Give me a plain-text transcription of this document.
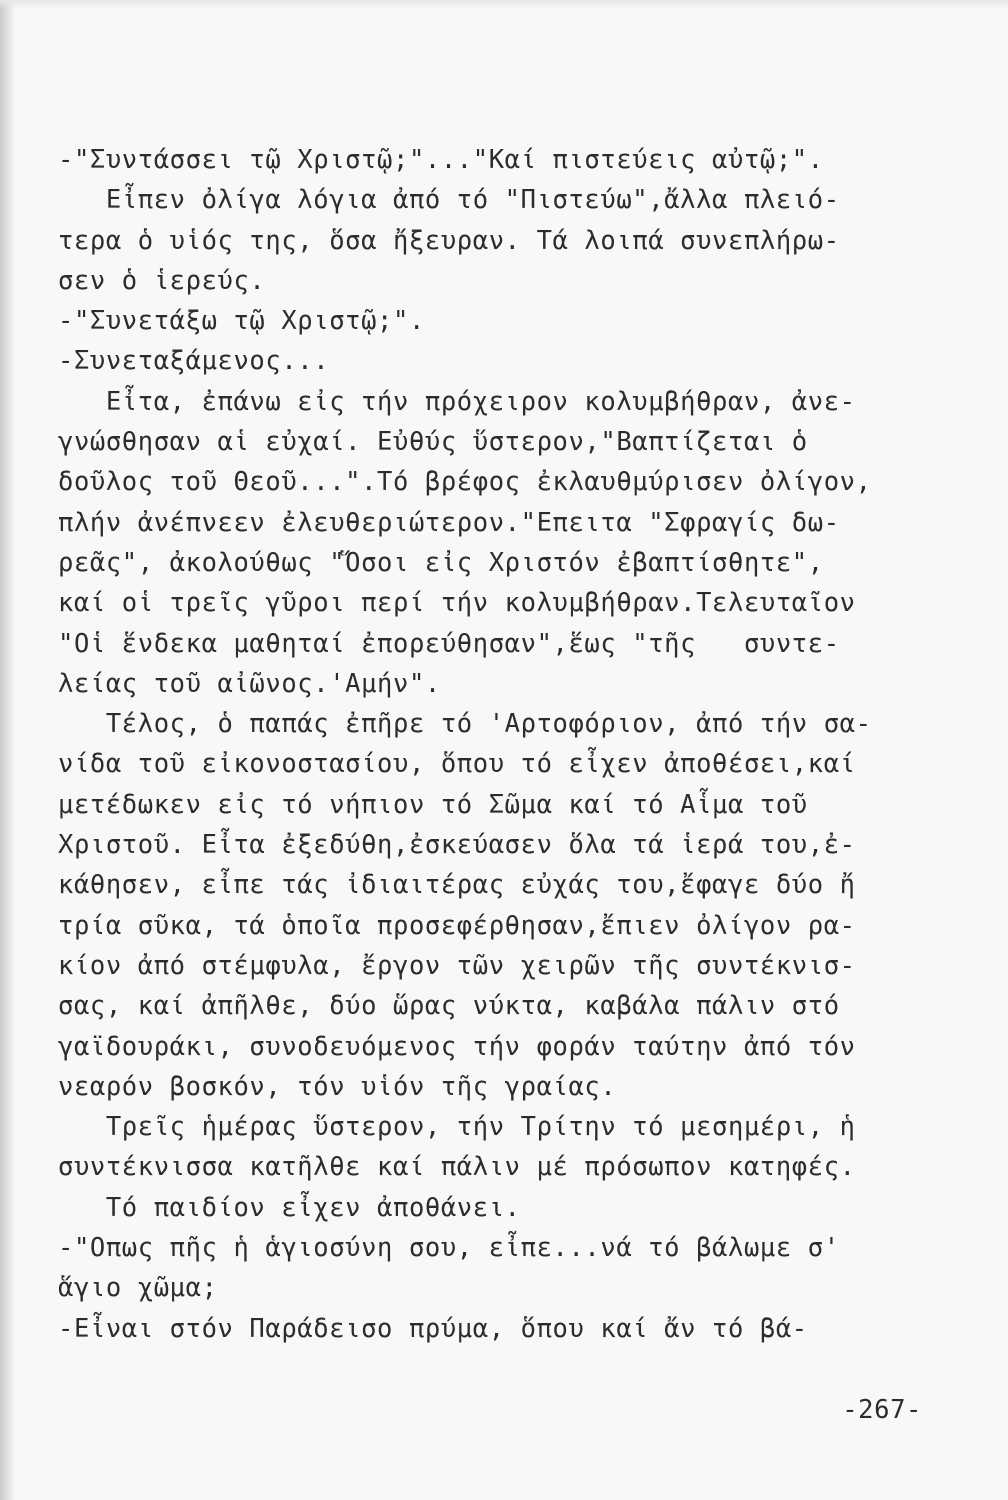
-"Συντάσσει τῷ Χριστῷ;"..."Καί πιστεύεις αὐτῷ;".
Εἶπεν ὀλίγα λόγια ἀπό τό "Πιστεύω",ἄλλα πλειό-
τερα ὁ υἱός της, ὅσα ἤξευραν. Τά λοιπά συνεπλήρω-
σεν ὁ ἱερεύς.
-"Συνετάξω τῷ Χριστῷ;".
-Συνεταξάμενος...
Εἶτα, ἐπάνω εἰς τήν πρόχειρον κολυμβήθραν, ἀνε-
γνώσθησαν αἱ εὐχαί. Εὐθύς ὕστερον,"Βαπτίζεται ὁ
δοῦλος τοῦ Θεοῦ...".Τό βρέφος ἐκλαυθμύρισεν ὀλίγον,
πλήν ἀνέπνεεν ἐλευθεριώτερον."Επειτα "Σφραγίς δω-
ρεᾶς", ἀκολούθως "Ὅσοι εἰς Χριστόν ἐβαπτίσθητε",
καί οἱ τρεῖς γῦροι περί τήν κολυμβήθραν.Τελευταῖον
"Οἱ ἕνδεκα μαθηταί ἐπορεύθησαν",ἕως "τῆς   συντε-
λείας τοῦ αἰῶνος.'Αμήν".
Τέλος, ὁ παπάς ἐπῆρε τό 'Αρτοφόριον, ἀπό τήν σα-
νίδα τοῦ εἰκονοστασίου, ὅπου τό εἶχεν ἀποθέσει,καί
μετέδωκεν εἰς τό νήπιον τό Σῶμα καί τό Αἷμα τοῦ
Χριστοῦ. Εἶτα ἐξεδύθη,ἐσκεύασεν ὅλα τά ἱερά του,ἐ-
κάθησεν, εἶπε τάς ἰδιαιτέρας εὐχάς του,ἔφαγε δύο ἤ
τρία σῦκα, τά ὁποῖα προσεφέρθησαν,ἔπιεν ὀλίγον ρα-
κίον ἀπό στέμφυλα, ἔργον τῶν χειρῶν τῆς συντέκνισ-
σας, καί ἀπῆλθε, δύο ὥρας νύκτα, καβάλα πάλιν στό
γαϊδουράκι, συνοδευόμενος τήν φοράν ταύτην ἀπό τόν
νεαρόν βοσκόν, τόν υἱόν τῆς γραίας.
Τρεῖς ἡμέρας ὕστερον, τήν Τρίτην τό μεσημέρι, ἡ
συντέκνισσα κατῆλθε καί πάλιν μέ πρόσωπον κατηφές.
Τό παιδίον εἶχεν ἀποθάνει.
-"Οπως πῆς ἡ ἁγιοσύνη σου, εἶπε...νά τό βάλωμε σ'
ἅγιο χῶμα;
-Εἶναι στόν Παράδεισο πρύμα, ὅπου καί ἄν τό βά-
-267-
